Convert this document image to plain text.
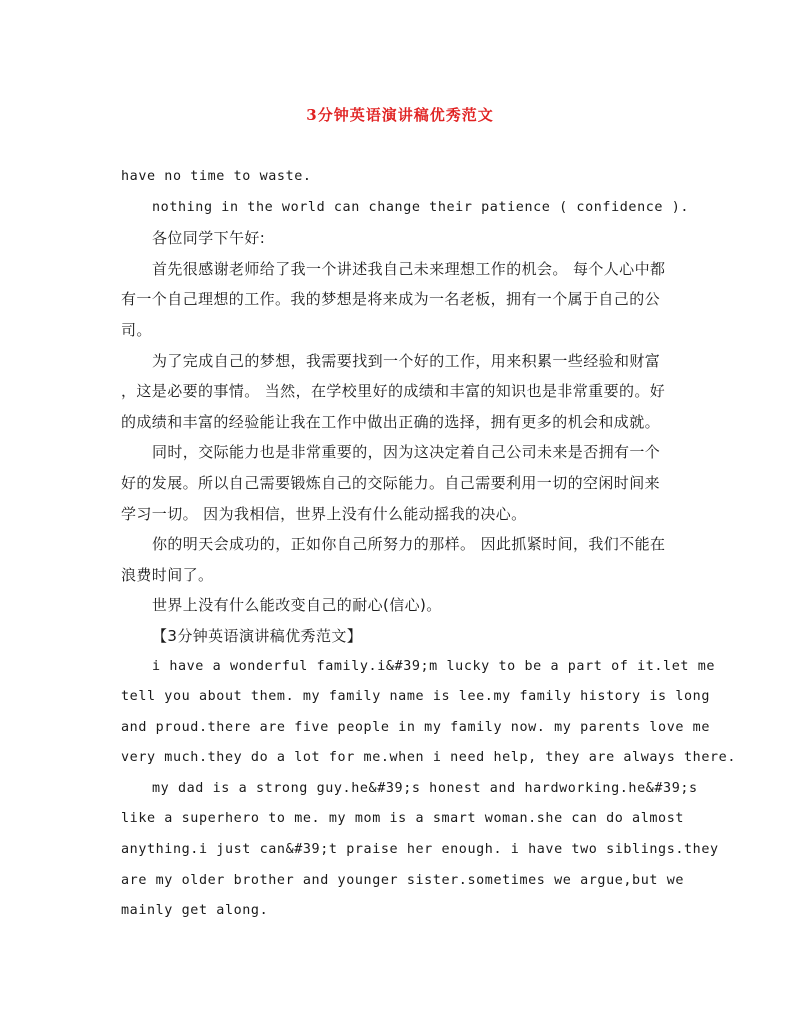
3分钟英语演讲稿优秀范文
have no time to waste.
nothing in the world can change their patience ( confidence ).
各位同学下午好:
首先很感谢老师给了我一个讲述我自己未来理想工作的机会。 每个人心中都
有一个自己理想的工作。我的梦想是将来成为一名老板，拥有一个属于自己的公
司。
为了完成自己的梦想，我需要找到一个好的工作，用来积累一些经验和财富
，这是必要的事情。 当然，在学校里好的成绩和丰富的知识也是非常重要的。好
的成绩和丰富的经验能让我在工作中做出正确的选择，拥有更多的机会和成就。
同时，交际能力也是非常重要的，因为这决定着自己公司未来是否拥有一个
好的发展。所以自己需要锻炼自己的交际能力。自己需要利用一切的空闲时间来
学习一切。 因为我相信，世界上没有什么能动摇我的决心。
你的明天会成功的，正如你自己所努力的那样。 因此抓紧时间，我们不能在
浪费时间了。
世界上没有什么能改变自己的耐心(信心)。
【3分钟英语演讲稿优秀范文】
i have a wonderful family.i&#39;m lucky to be a part of it.let me
tell you about them. my family name is lee.my family history is long
and proud.there are five people in my family now. my parents love me
very much.they do a lot for me.when i need help, they are always there.
my dad is a strong guy.he&#39;s honest and hardworking.he&#39;s
like a superhero to me. my mom is a smart woman.she can do almost
anything.i just can&#39;t praise her enough. i have two siblings.they
are my older brother and younger sister.sometimes we argue,but we
mainly get along.
